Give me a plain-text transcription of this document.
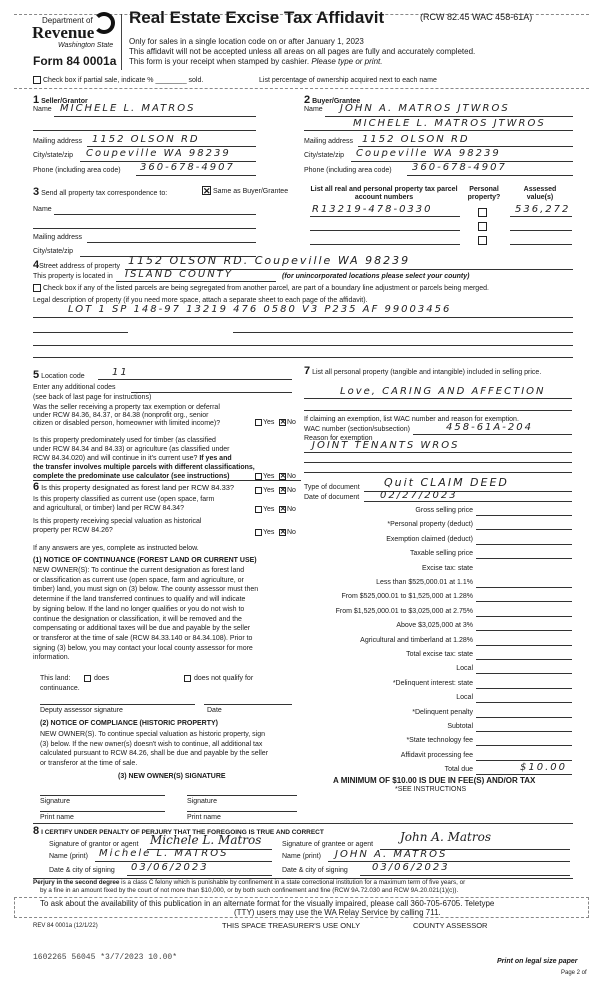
Department of
Revenue
Washington State
Form 84 0001a
Real Estate Excise Tax Affidavit	(RCW 82.45 WAC 458-61A)
Only for sales in a single location code on or after January 1, 2023
This affidavit will not be accepted unless all areas on all pages are fully and accurately completed.
This form is your receipt when stamped by cashier. Please type or print.
Check box if partial sale, indicate % ________ sold.	List percentage of ownership acquired next to each name
1 Seller/Grantor
Name MICHELE L. MATROS
Mailing address 1152 OLSON RD
City/state/zip Coupeville WA 98239
Phone (including area code) 360-678-4907
2 Buyer/Grantee
Name JOHN A. MATROS JTWROS
MICHELE L. MATROS JTWROS
Mailing address 1152 OLSON RD
City/state/zip Coupeville WA 98239
Phone (including area code) 360-678-4907
3 Send all property tax correspondence to:	✕ Same as Buyer/Grantee
Name
Mailing address
City/state/zip
List all real and personal property tax parcel account numbers
Personal property?
Assessed value(s)
R13219-478-0330	536,272
4Street address of property 1152 OLSON RD. Coupeville WA 98239
This property is located in ISLAND COUNTY	(for unincorporated locations please select your county)
Check box if any of the listed parcels are being segregated from another parcel, are part of a boundary line adjustment or parcels being merged.
Legal description of property (if you need more space, attach a separate sheet to each page of the affidavit).
LOT 1 SP 148-97 13219 476 0580 V3 P235 AF 99003456
5 Location code	11
Enter any additional codes
(see back of last page for instructions)
Was the seller receiving a property tax exemption or deferral
under RCW 84.36, 84.37, or 84.38 (nonprofit org., senior
citizen or disabled person, homeowner with limited income)?
Is this property predominately used for timber (as classified
under RCW 84.34 and 84.33) or agriculture (as classified under
RCW 84.34.020) and will continue in it's current use? If yes and
the transfer involves multiple parcels with different classifications,
complete the predominate use calculator (see instructions)
6 Is this property designated as forest land per RCW 84.33?
Is this property classified as current use (open space, farm
and agricultural, or timber) land per RCW 84.34?
Is this property receiving special valuation as historical
property per RCW 84.26?
Yes ✕ No
Yes ✕ No
Yes ✕ No
Yes ✕ No
Yes ✕ No
If any answers are yes, complete as instructed below.
(1) NOTICE OF CONTINUANCE (FOREST LAND OR CURRENT USE)
NEW OWNER(S): To continue the current designation as forest land
or classification as current use (open space, farm and agriculture, or
timber) land, you must sign on (3) below. The county assessor must then
determine if the land transferred continues to qualify and will indicate
by signing below. If the land no longer qualifies or you do not wish to
continue the designation or classification, it will be removed and the
compensating or additional taxes will be due and payable by the seller
or transferor at the time of sale (RCW 84.33.140 or 84.34.108). Prior to
signing (3) below, you may contact your local county assessor for more
information.
This land:
continuance.
does	does not qualify for
Deputy assessor signature	Date
(2) NOTICE OF COMPLIANCE (HISTORIC PROPERTY)
NEW OWNER(S). To continue special valuation as historic property, sign
(3) below. If the new owner(s) doesn't wish to continue, all additional tax
calculated pursuant to RCW 84.26, shall be due and payable by the seller
or transferor at the time of sale.
(3) NEW OWNER(S) SIGNATURE
Signature	Signature
Print name	Print name
7 List all personal property (tangible and intangible) included in selling price.
Love, CARING AND AFFECTION
If claiming an exemption, list WAC number and reason for exemption.
WAC number (section/subsection)	458-61A-204
Reason for exemption
JOINT TENANTS WROS
Type of document Quit CLAIM DEED
Date of document 02/27/2023
Gross selling price
*Personal property (deduct)
Exemption claimed (deduct)
Taxable selling price
Excise tax: state
Less than $525,000.01 at 1.1%
From $525,000.01 to $1,525,000 at 1.28%
From $1,525,000.01 to $3,025,000 at 2.75%
Above $3,025,000 at 3%
Agricultural and timberland at 1.28%
Total excise tax: state
Local
*Delinquent interest: state
Local
*Delinquent penalty
Subtotal
*State technology fee
Affidavit processing fee
Total due	$10.00
A MINIMUM OF $10.00 IS DUE IN FEE(S) AND/OR TAX
*SEE INSTRUCTIONS
8 I CERTIFY UNDER PENALTY OF PERJURY THAT THE FOREGOING IS TRUE AND CORRECT
Signature of grantor or agent Michele L. Matros
Name (print) Michele L. MATROS
Date & city of signing 03/06/2023
Signature of grantee or agent
John A. Matros
Name (print) JOHN A. MATROS
Date & city of signing 03/06/2023
Perjury in the second degree is a class C felony which is punishable by confinement in a state correctional institution for a maximum term of five years, or
by a fine in an amount fixed by the court of not more than $10,000, or by both such confinement and fine (RCW 9A.72.030 and RCW 9A.20.021(1)(c)).
To ask about the availability of this publication in an alternate format for the visually impaired, please call 360-705-6705. Teletype
(TTY) users may use the WA Relay Service by calling 711.
REV 84 0001a (12/1/22)	THIS SPACE TREASURER'S USE ONLY	COUNTY ASSESSOR
1602265 56045 *3/7/2023 10.00*	Print on legal size paper
Page 2 of
